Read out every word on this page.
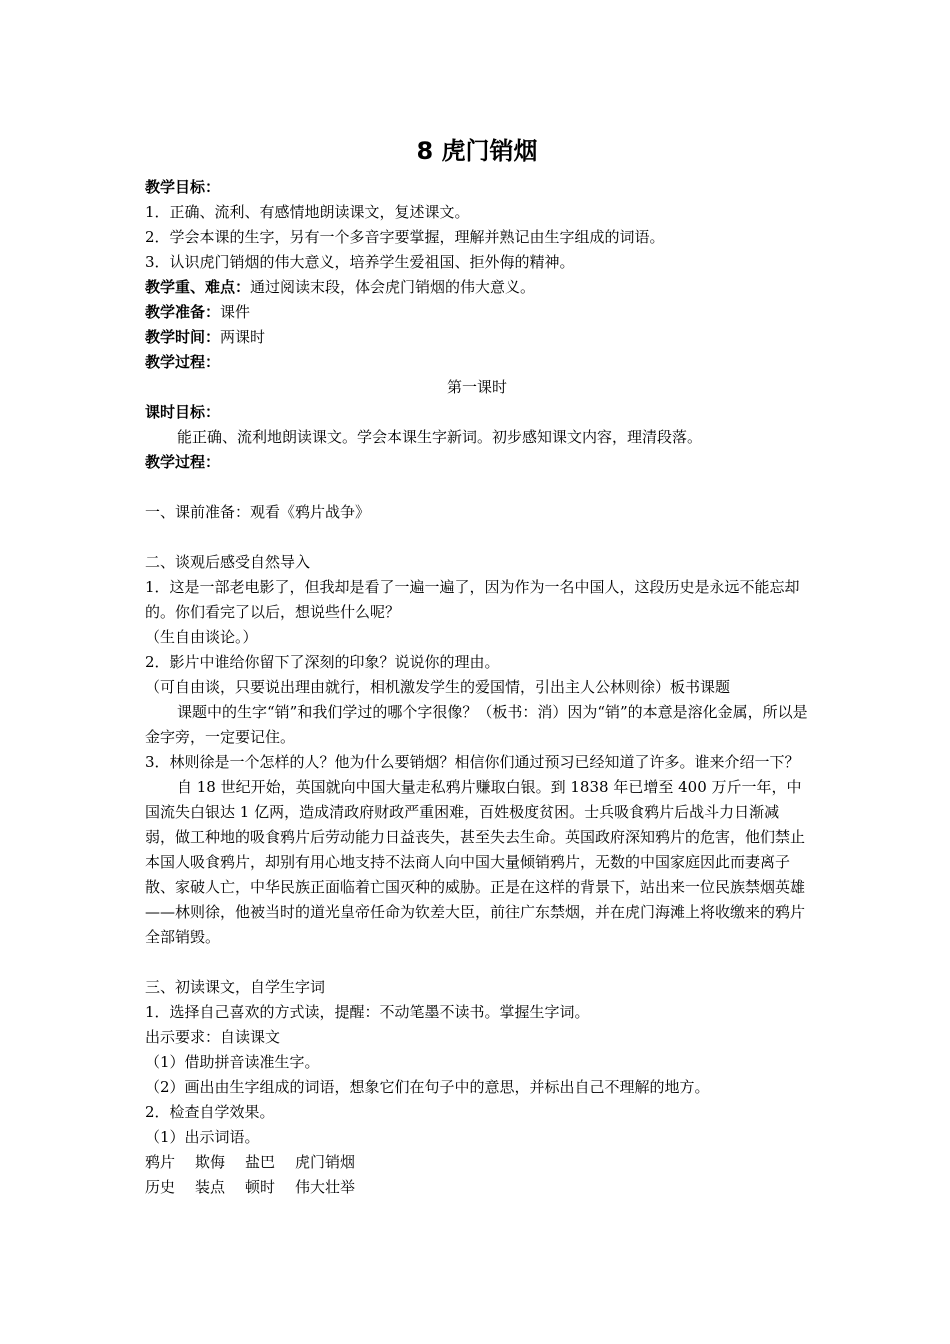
8 虎门销烟
教学目标：
1．正确、流利、有感情地朗读课文，复述课文。
2．学会本课的生字，另有一个多音字要掌握，理解并熟记由生字组成的词语。
3．认识虎门销烟的伟大意义，培养学生爱祖国、拒外侮的精神。
教学重、难点：通过阅读末段，体会虎门销烟的伟大意义。
教学准备：课件
教学时间：两课时
教学过程：
第一课时
课时目标：
能正确、流利地朗读课文。学会本课生字新词。初步感知课文内容，理清段落。
教学过程：
一、课前准备：观看《鸦片战争》
二、谈观后感受自然导入
1．这是一部老电影了，但我却是看了一遍一遍了，因为作为一名中国人，这段历史是永远不能忘却的。你们看完了以后，想说些什么呢？
（生自由谈论。）
2．影片中谁给你留下了深刻的印象？说说你的理由。
（可自由谈，只要说出理由就行，相机激发学生的爱国情，引出主人公林则徐）板书课题
课题中的生字“销”和我们学过的哪个字很像？（板书：消）因为“销”的本意是溶化金属，所以是金字旁，一定要记住。
3．林则徐是一个怎样的人？他为什么要销烟？相信你们通过预习已经知道了许多。谁来介绍一下？
自 18 世纪开始，英国就向中国大量走私鸦片赚取白银。到 1838 年已增至 400 万斤一年，中国流失白银达 1 亿两，造成清政府财政严重困难，百姓极度贫困。士兵吸食鸦片后战斗力日渐减弱，做工种地的吸食鸦片后劳动能力日益丧失，甚至失去生命。英国政府深知鸦片的危害，他们禁止本国人吸食鸦片，却别有用心地支持不法商人向中国大量倾销鸦片，无数的中国家庭因此而妻离子散、家破人亡，中华民族正面临着亡国灭种的威胁。正是在这样的背景下，站出来一位民族禁烟英雄——林则徐，他被当时的道光皇帝任命为钦差大臣，前往广东禁烟，并在虎门海滩上将收缴来的鸦片全部销毁。
三、初读课文，自学生字词
1．选择自己喜欢的方式读，提醒：不动笔墨不读书。掌握生字词。
出示要求：自读课文
（1）借助拼音读准生字。
（2）画出由生字组成的词语，想象它们在句子中的意思，并标出自己不理解的地方。
2．检查自学效果。
（1）出示词语。
鸦片 欺侮 盐巴 虎门销烟
历史 装点 顿时 伟大壮举
